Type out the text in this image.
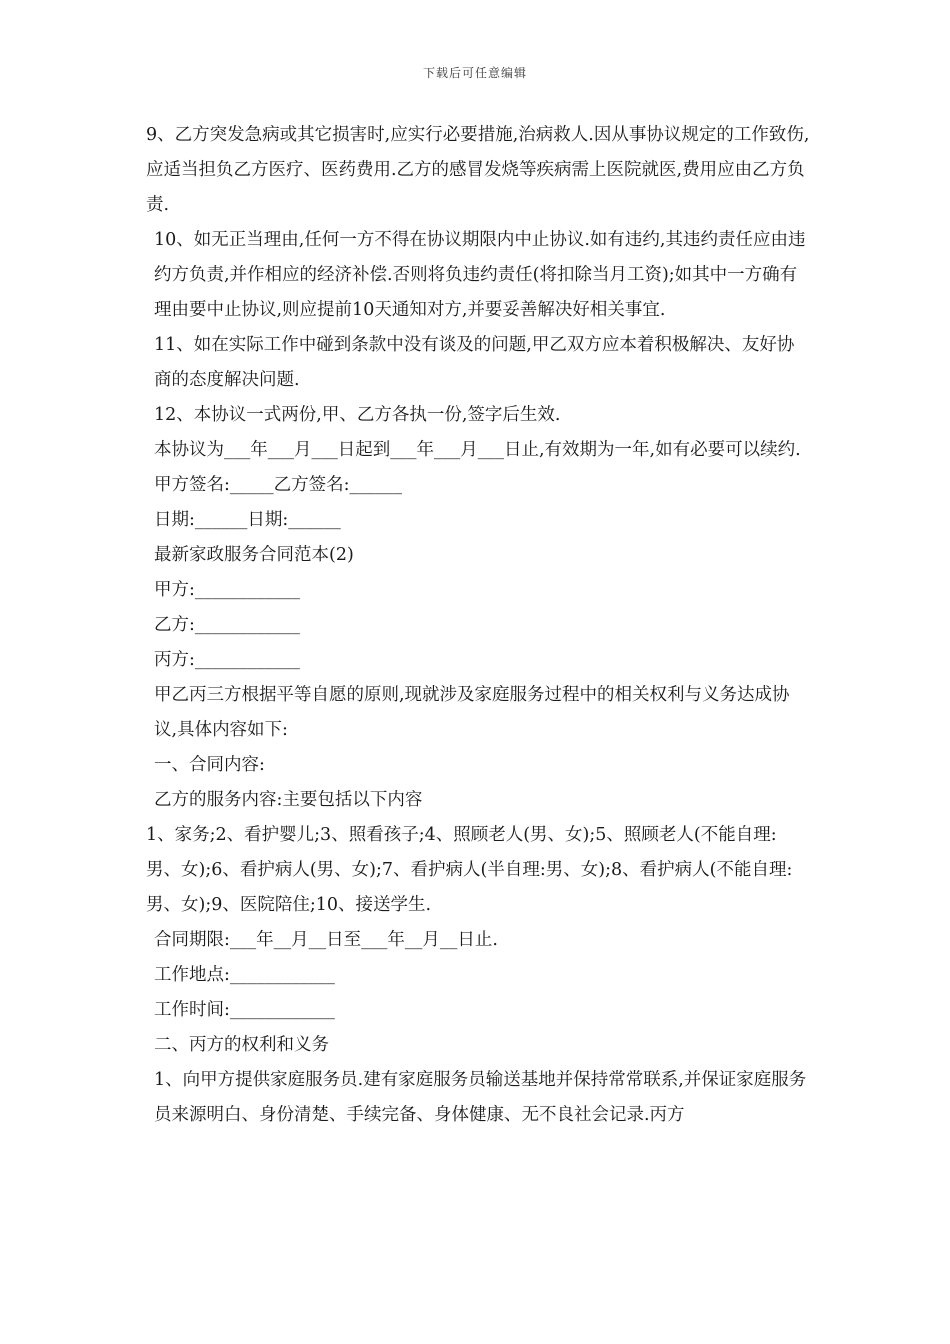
下载后可任意编辑

9、乙方突发急病或其它损害时,应实行必要措施,治病救人.因从事协议规定的工作致伤,应适当担负乙方医疗、医药费用.乙方的感冒发烧等疾病需上医院就医,费用应由乙方负责.

10、如无正当理由,任何一方不得在协议期限内中止协议.如有违约,其违约责任应由违约方负责,并作相应的经济补偿.否则将负违约责任(将扣除当月工资);如其中一方确有理由要中止协议,则应提前10天通知对方,并要妥善解决好相关事宜.

11、如在实际工作中碰到条款中没有谈及的问题,甲乙双方应本着积极解决、友好协商的态度解决问题.

12、本协议一式两份,甲、乙方各执一份,签字后生效.

本协议为___年___月___日起到___年___月___日止,有效期为一年,如有必要可以续约.

甲方签名:_____乙方签名:______

日期:______日期:______

最新家政服务合同范本(2)

甲方:____________

乙方:____________

丙方:____________

甲乙丙三方根据平等自愿的原则,现就涉及家庭服务过程中的相关权利与义务达成协议,具体内容如下:

一、合同内容:

乙方的服务内容:主要包括以下内容

1、家务;2、看护婴儿;3、照看孩子;4、照顾老人(男、女);5、照顾老人(不能自理:男、女);6、看护病人(男、女);7、看护病人(半自理:男、女);8、看护病人(不能自理:男、女);9、医院陪住;10、接送学生.

合同期限:___年__月__日至___年__月__日止.

工作地点:____________

工作时间:____________

二、丙方的权利和义务

1、向甲方提供家庭服务员.建有家庭服务员输送基地并保持常常联系,并保证家庭服务员来源明白、身份清楚、手续完备、身体健康、无不良社会记录.丙方
